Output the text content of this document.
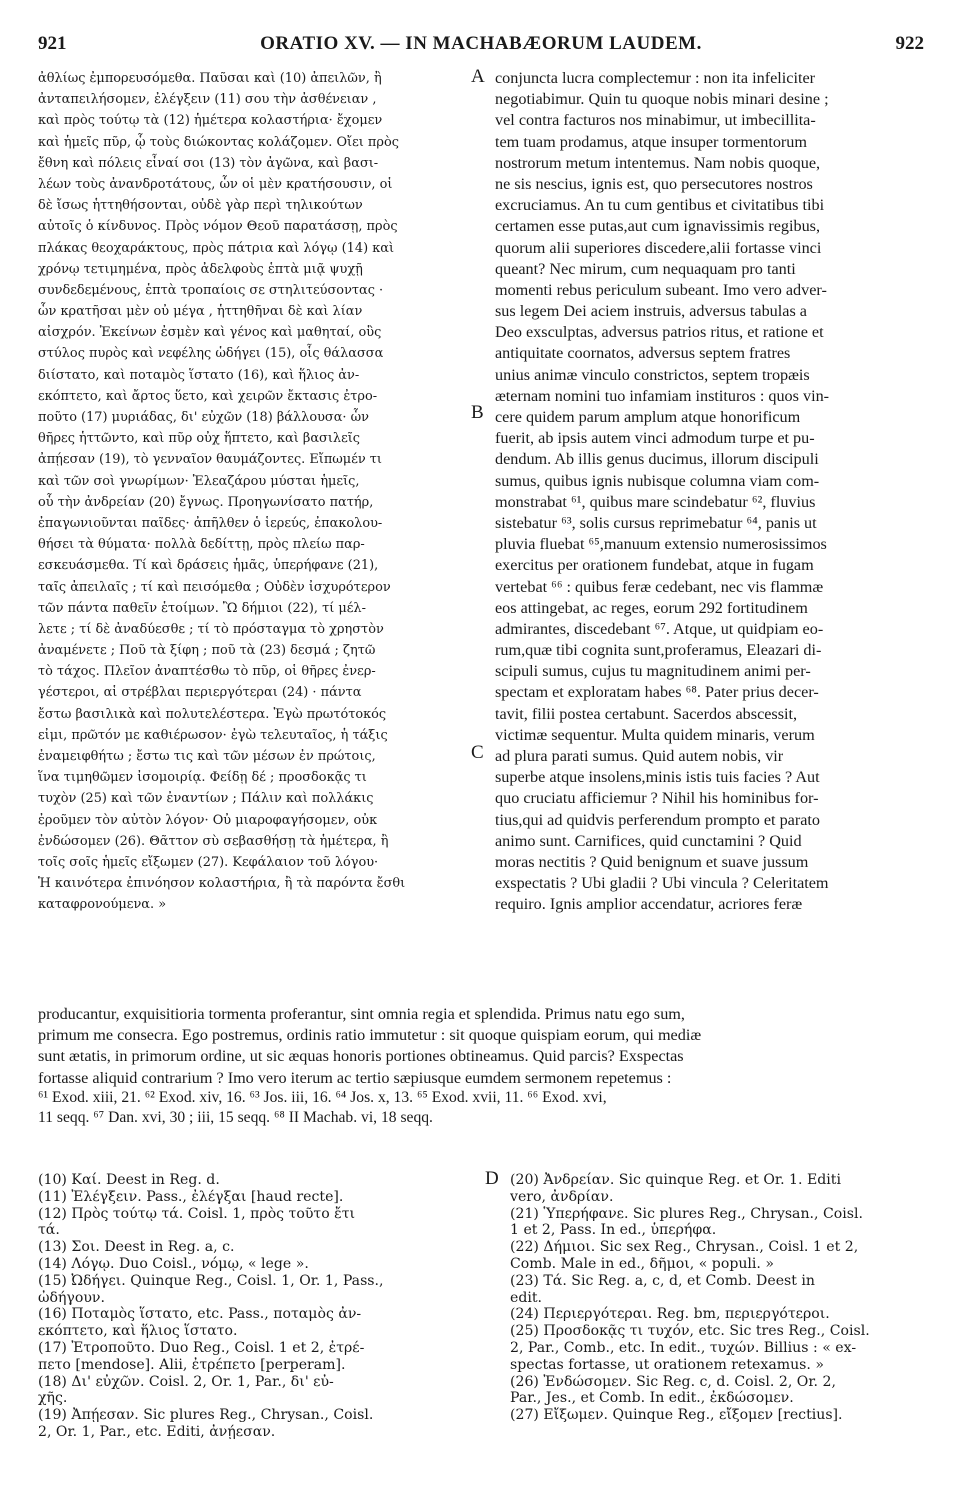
921	ORATIO XV. — IN MACHABÆORUM LAUDEM.	922
A
B
C
D
ἀθλίως ἐμπορευσόμεθα. Παῦσαι καὶ (10) ἀπειλῶν, ἢ
ἀνταπειλήσομεν, ἐλέγξειν (11) σου τὴν ἀσθένειαν ,
καὶ πρὸς τούτῳ τὰ (12) ἡμέτερα κολαστήρια· ἔχομεν
καὶ ἡμεῖς πῦρ, ᾧ τοὺς διώκοντας κολάζομεν. Οἴει πρὸς
ἔθνη καὶ πόλεις εἶναί σοι (13) τὸν ἀγῶνα, καὶ βασι-
λέων τοὺς ἀνανδροτάτους, ὧν οἱ μὲν κρατήσουσιν, οἱ
δὲ ἴσως ἡττηθήσονται, οὐδὲ γὰρ περὶ τηλικούτων
αὐτοῖς ὁ κίνδυνος. Πρὸς νόμον Θεοῦ παρατάσσῃ, πρὸς
πλάκας θεοχαράκτους, πρὸς πάτρια καὶ λόγῳ (14) καὶ
χρόνῳ τετιμημένα, πρὸς ἀδελφοὺς ἑπτὰ μιᾷ ψυχῇ
συνδεδεμένους, ἑπτὰ τροπαίοις σε στηλιτεύσοντας ·
ὧν κρατῆσαι μὲν οὐ μέγα , ἡττηθῆναι δὲ καὶ λίαν
αἰσχρόν. Ἐκείνων ἐσμὲν καὶ γένος καὶ μαθηταί, οὓς
στύλος πυρὸς καὶ νεφέλης ὡδήγει (15), οἷς θάλασσα
διίστατο, καὶ ποταμὸς ἵστατο (16), καὶ ἥλιος ἀν-
εκόπτετο, καὶ ἄρτος ὕετο, καὶ χειρῶν ἔκτασις ἐτρο-
ποῦτο (17) μυριάδας, δι' εὐχῶν (18) βάλλουσα· ὧν
θῆρες ἡττῶντο, καὶ πῦρ οὐχ ἥπτετο, καὶ βασιλεῖς
ἀπῄεσαν (19), τὸ γενναῖον θαυμάζοντες. Εἴπωμέν τι
καὶ τῶν σοὶ γνωρίμων· Ἐλεαζάρου μύσται ἡμεῖς,
οὗ τὴν ἀνδρείαν (20) ἔγνως. Προηγωνίσατο πατήρ,
ἐπαγωνιοῦνται παῖδες· ἀπῆλθεν ὁ ἱερεύς, ἐπακολου-
θήσει τὰ θύματα· πολλὰ δεδίττῃ, πρὸς πλείω παρ-
εσκευάσμεθα. Τί καὶ δράσεις ἡμᾶς, ὑπερήφανε (21),
ταῖς ἀπειλαῖς ; τί καὶ πεισόμεθα ; Οὐδὲν ἰσχυρότερον
τῶν πάντα παθεῖν ἑτοίμων. Ὢ δήμιοι (22), τί μέλ-
λετε ; τί δὲ ἀναδύεσθε ; τί τὸ πρόσταγμα τὸ χρηστὸν
ἀναμένετε ; Ποῦ τὰ ξίφη ; ποῦ τὰ (23) δεσμά ; ζητῶ
τὸ τάχος. Πλεῖον ἀναπτέσθω τὸ πῦρ, οἱ θῆρες ἐνερ-
γέστεροι, αἱ στρέβλαι περιεργότεραι (24) · πάντα
ἔστω βασιλικὰ καὶ πολυτελέστερα. Ἐγὼ πρωτότοκός
εἰμι, πρῶτόν με καθιέρωσον· ἐγὼ τελευταῖος, ἡ τάξις
ἐναμειφθήτω ; ἔστω τις καὶ τῶν μέσων ἐν πρώτοις,
ἵνα τιμηθῶμεν ἰσομοιρίᾳ. Φείδῃ δέ ; προσδοκᾷς τι
τυχὸν (25) καὶ τῶν ἐναντίων ; Πάλιν καὶ πολλάκις
ἐροῦμεν τὸν αὐτὸν λόγον· Οὐ μιαροφαγήσομεν, οὐκ
ἐνδώσομεν (26). Θᾶττον σὺ σεβασθήσῃ τὰ ἡμέτερα, ἢ
τοῖς σοῖς ἡμεῖς εἴξωμεν (27). Κεφάλαιον τοῦ λόγου·
Ἡ καινότερα ἐπινόησον κολαστήρια, ἢ τὰ παρόντα ἔσθι
καταφρονούμενα. »
conjuncta lucra complectemur : non ita infeliciter
negotiabimur. Quin tu quoque nobis minari desine ;
vel contra facturos nos minabimur, ut imbecillita-
tem tuam prodamus, atque insuper tormentorum
nostrorum metum intentemus. Nam nobis quoque,
ne sis nescius, ignis est, quo persecutores nostros
excruciamus. An tu cum gentibus et civitatibus tibi
certamen esse putas,aut cum ignavissimis regibus,
quorum alii superiores discedere,alii fortasse vinci
queant? Nec mirum, cum nequaquam pro tanti
momenti rebus periculum subeant. Imo vero adver-
sus legem Dei aciem instruis, adversus tabulas a
Deo exsculptas, adversus patrios ritus, et ratione et
antiquitate coornatos, adversus septem fratres
unius animæ vinculo constrictos, septem tropæis
æternam nomini tuo infamiam instituros : quos vin-
cere quidem parum amplum atque honorificum
fuerit, ab ipsis autem vinci admodum turpe et pu-
dendum. Ab illis genus ducimus, illorum discipuli
sumus, quibus ignis nubisque columna viam com-
monstrabat ⁶¹, quibus mare scindebatur ⁶², fluvius
sistebatur ⁶³, solis cursus reprimebatur ⁶⁴, panis ut
pluvia fluebat ⁶⁵,manuum extensio numerosissimos
exercitus per orationem fundebat, atque in fugam
vertebat ⁶⁶ : quibus feræ cedebant, nec vis flammæ
eos attingebat, ac reges, eorum 292 fortitudinem
admirantes, discedebant ⁶⁷. Atque, ut quidpiam eo-
rum,quæ tibi cognita sunt,proferamus, Eleazari di-
scipuli sumus, cujus tu magnitudinem animi per-
spectam et exploratam habes ⁶⁸. Pater prius decer-
tavit, filii postea certabunt. Sacerdos abscessit,
victimæ sequentur. Multa quidem minaris, verum
ad plura parati sumus. Quid autem nobis, vir
superbe atque insolens,minis istis tuis facies ? Aut
quo cruciatu afficiemur ? Nihil his hominibus for-
tius,qui ad quidvis perferendum prompto et parato
animo sunt. Carnifices, quid cunctamini ? Quid
moras nectitis ? Quid benignum et suave jussum
exspectatis ? Ubi gladii ? Ubi vincula ? Celeritatem
requiro. Ignis amplior accendatur, acriores feræ
producantur, exquisitioria tormenta proferantur, sint omnia regia et splendida. Primus natu ego sum,
primum me consecra. Ego postremus, ordinis ratio immutetur : sit quoque quispiam eorum, qui mediæ
sunt ætatis, in primorum ordine, ut sic æquas honoris portiones obtineamus. Quid parcis? Exspectas
fortasse aliquid contrarium ? Imo vero iterum ac tertio sæpiusque eumdem sermonem repetemus :
⁶¹ Exod. xiii, 21. ⁶² Exod. xiv, 16. ⁶³ Jos. iii, 16. ⁶⁴ Jos. x, 13. ⁶⁵ Exod. xvii, 11. ⁶⁶ Exod. xvi,
11 seqq. ⁶⁷ Dan. xvi, 30 ; iii, 15 seqq. ⁶⁸ II Machab. vi, 18 seqq.
(10) Καί. Deest in Reg. d.
(11) Ἐλέγξειν. Pass., ἐλέγξαι [haud recte].
(12) Πρὸς τούτῳ τά. Coisl. 1, πρὸς τοῦτο ἔτι
τά.
(13) Σοι. Deest in Reg. a, c.
(14) Λόγῳ. Duo Coisl., νόμῳ, « lege ».
(15) Ὠδήγει. Quinque Reg., Coisl. 1, Or. 1, Pass.,
ὠδήγουν.
(16) Ποταμὸς ἵστατο, etc. Pass., ποταμὸς ἀν-
εκόπτετο, καὶ ἥλιος ἵστατο.
(17) Ἐτροποῦτο. Duo Reg., Coisl. 1 et 2, ἐτρέ-
πετο [mendose]. Alii, ἐτρέπετο [perperam].
(18) Δι' εὐχῶν. Coisl. 2, Or. 1, Par., δι' εὐ-
χῆς.
(19) Ἀπῄεσαν. Sic plures Reg., Chrysan., Coisl.
2, Or. 1, Par., etc. Editi, ἀνῄεσαν.
(20) Ἀνδρείαν. Sic quinque Reg. et Or. 1. Editi
vero, ἀνδρίαν.
(21) Ὑπερήφανε. Sic plures Reg., Chrysan., Coisl.
1 et 2, Pass. In ed., ὑπερήφα.
(22) Δήμιοι. Sic sex Reg., Chrysan., Coisl. 1 et 2,
Comb. Male in ed., δῆμοι, « populi. »
(23) Τά. Sic Reg. a, c, d, et Comb. Deest in
edit.
(24) Περιεργότεραι. Reg. bm, περιεργότεροι.
(25) Προσδοκᾷς τι τυχόν, etc. Sic tres Reg., Coisl.
2, Par., Comb., etc. In edit., τυχών. Billius : « ex-
spectas fortasse, ut orationem retexamus. »
(26) Ἐνδώσομεν. Sic Reg. c, d. Coisl. 2, Or. 2,
Par., Jes., et Comb. In edit., ἐκδώσομεν.
(27) Εἴξωμεν. Quinque Reg., εἴξομεν [rectius].
